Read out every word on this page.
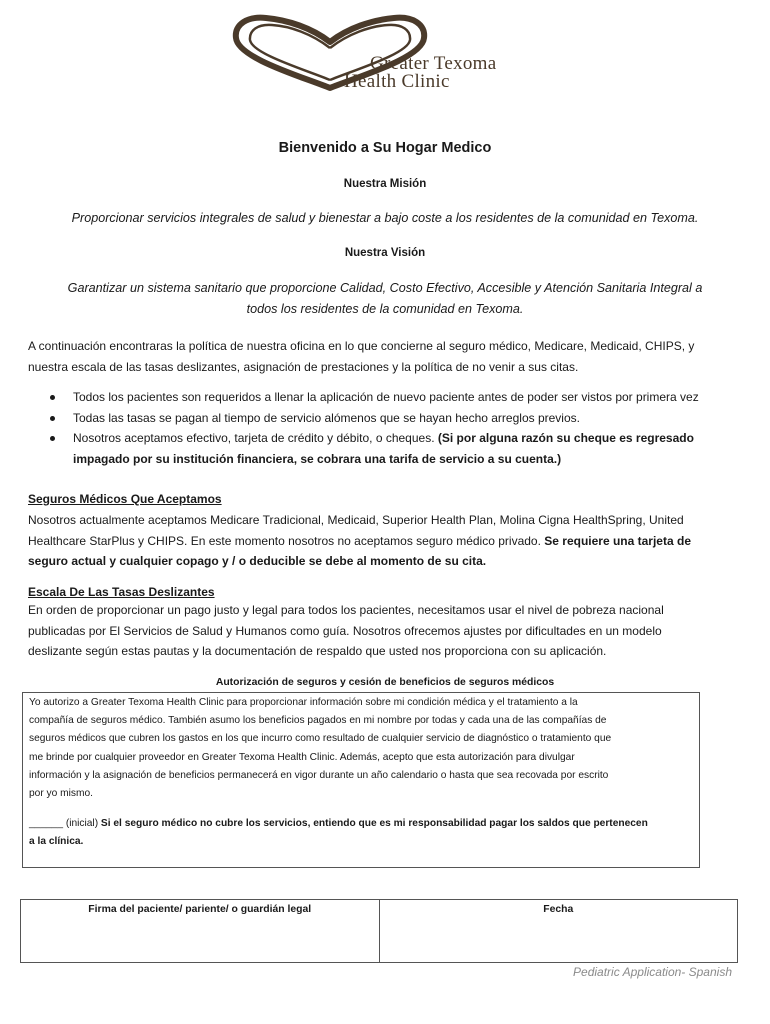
Greater Texoma
Health Clinic
Bienvenido a Su Hogar Medico
Nuestra Misión
Proporcionar servicios integrales de salud y bienestar a bajo coste a los residentes de la comunidad en Texoma.
Nuestra Visión
Garantizar un sistema sanitario que proporcione Calidad, Costo Efectivo, Accesible y Atención Sanitaria Integral a
todos los residentes de la comunidad en Texoma.
A continuación encontraras la política de nuestra oficina en lo que concierne al seguro médico, Medicare, Medicaid, CHIPS, y
nuestra escala de las tasas deslizantes, asignación de prestaciones y la política de no venir a sus citas.
Todos los pacientes son requeridos a llenar la aplicación de nuevo paciente antes de poder ser vistos por primera vez
Todas las tasas se pagan al tiempo de servicio alómenos que se hayan hecho arreglos previos.
Nosotros aceptamos efectivo, tarjeta de crédito y débito, o cheques. (Si por alguna razón su cheque es regresado
impagado por su institución financiera, se cobrara una tarifa de servicio a su cuenta.)
Seguros Médicos Que Aceptamos
Nosotros actualmente aceptamos Medicare Tradicional, Medicaid, Superior Health Plan, Molina Cigna HealthSpring, United
Healthcare StarPlus y CHIPS. En este momento nosotros no aceptamos seguro médico privado. Se requiere una tarjeta de
seguro actual y cualquier copago y / o deducible se debe al momento de su cita.
Escala De Las Tasas Deslizantes
En orden de proporcionar un pago justo y legal para todos los pacientes, necesitamos usar el nivel de pobreza nacional
publicadas por El Servicios de Salud y Humanos como guía. Nosotros ofrecemos ajustes por dificultades en un modelo
deslizante según estas pautas y la documentación de respaldo que usted nos proporciona con su aplicación.
Autorización de seguros y cesión de beneficios de seguros médicos
Yo autorizo a Greater Texoma Health Clinic para proporcionar información sobre mi condición médica y el tratamiento a la
compañía de seguros médico. También asumo los beneficios pagados en mi nombre por todas y cada una de las compañías de
seguros médicos que cubren los gastos en los que incurro como resultado de cualquier servicio de diagnóstico o tratamiento que
me brinde por cualquier proveedor en Greater Texoma Health Clinic. Además, acepto que esta autorización para divulgar
información y la asignación de beneficios permanecerá en vigor durante un año calendario o hasta que sea recovada por escrito
por yo mismo.
______ (inicial) Si el seguro médico no cubre los servicios, entiendo que es mi responsabilidad pagar los saldos que pertenecen
a la clínica.
Firma del paciente/ pariente/ o guardián legal	Fecha
Pediatric Application- Spanish
